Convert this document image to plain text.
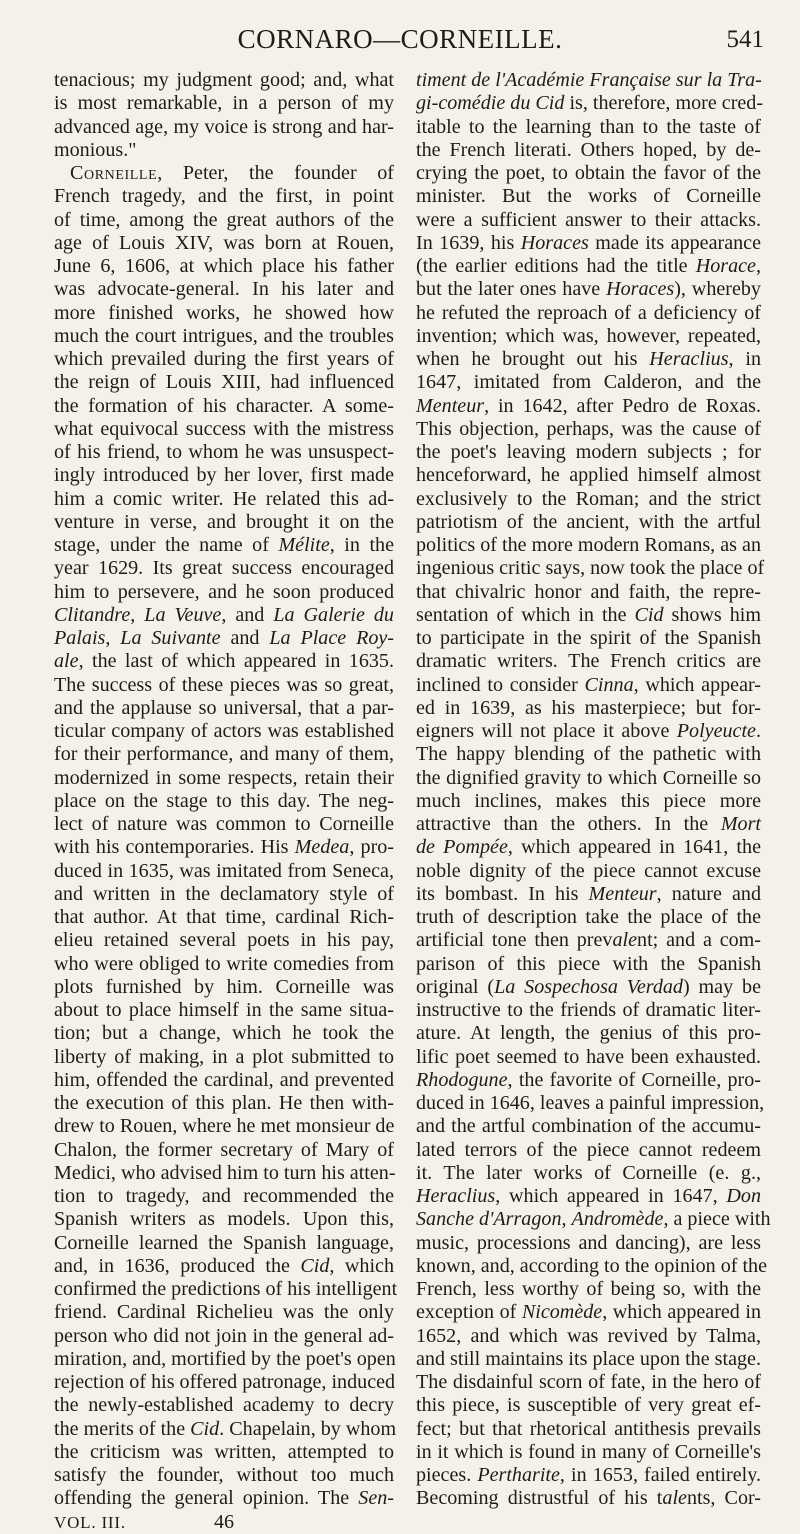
CORNARO—CORNEILLE.	541
tenacious; my judgment good; and, what
is most remarkable, in a person of my
advanced age, my voice is strong and har-
monious."
Corneille, Peter, the founder of
French tragedy, and the first, in point
of time, among the great authors of the
age of Louis XIV, was born at Rouen,
June 6, 1606, at which place his father
was advocate-general. In his later and
more finished works, he showed how
much the court intrigues, and the troubles
which prevailed during the first years of
the reign of Louis XIII, had influenced
the formation of his character. A some-
what equivocal success with the mistress
of his friend, to whom he was unsuspect-
ingly introduced by her lover, first made
him a comic writer. He related this ad-
venture in verse, and brought it on the
stage, under the name of Mélite, in the
year 1629. Its great success encouraged
him to persevere, and he soon produced
Clitandre, La Veuve, and La Galerie du
Palais, La Suivante and La Place Roy-
ale, the last of which appeared in 1635.
The success of these pieces was so great,
and the applause so universal, that a par-
ticular company of actors was established
for their performance, and many of them,
modernized in some respects, retain their
place on the stage to this day. The neg-
lect of nature was common to Corneille
with his contemporaries. His Medea, pro-
duced in 1635, was imitated from Seneca,
and written in the declamatory style of
that author. At that time, cardinal Rich-
elieu retained several poets in his pay,
who were obliged to write comedies from
plots furnished by him. Corneille was
about to place himself in the same situa-
tion; but a change, which he took the
liberty of making, in a plot submitted to
him, offended the cardinal, and prevented
the execution of this plan. He then with-
drew to Rouen, where he met monsieur de
Chalon, the former secretary of Mary of
Medici, who advised him to turn his atten-
tion to tragedy, and recommended the
Spanish writers as models. Upon this,
Corneille learned the Spanish language,
and, in 1636, produced the Cid, which
confirmed the predictions of his intelligent
friend. Cardinal Richelieu was the only
person who did not join in the general ad-
miration, and, mortified by the poet's open
rejection of his offered patronage, induced
the newly-established academy to decry
the merits of the Cid. Chapelain, by whom
the criticism was written, attempted to
satisfy the founder, without too much
offending the general opinion. The Sen-
VOL. III.	46
timent de l'Académie Française sur la Tra-
gi-comédie du Cid is, therefore, more cred-
itable to the learning than to the taste of
the French literati. Others hoped, by de-
crying the poet, to obtain the favor of the
minister. But the works of Corneille
were a sufficient answer to their attacks.
In 1639, his Horaces made its appearance
(the earlier editions had the title Horace,
but the later ones have Horaces), whereby
he refuted the reproach of a deficiency of
invention; which was, however, repeated,
when he brought out his Heraclius, in
1647, imitated from Calderon, and the
Menteur, in 1642, after Pedro de Roxas.
This objection, perhaps, was the cause of
the poet's leaving modern subjects ; for
henceforward, he applied himself almost
exclusively to the Roman; and the strict
patriotism of the ancient, with the artful
politics of the more modern Romans, as an
ingenious critic says, now took the place of
that chivalric honor and faith, the repre-
sentation of which in the Cid shows him
to participate in the spirit of the Spanish
dramatic writers. The French critics are
inclined to consider Cinna, which appear-
ed in 1639, as his masterpiece; but for-
eigners will not place it above Polyeucte.
The happy blending of the pathetic with
the dignified gravity to which Corneille so
much inclines, makes this piece more
attractive than the others. In the Mort
de Pompée, which appeared in 1641, the
noble dignity of the piece cannot excuse
its bombast. In his Menteur, nature and
truth of description take the place of the
artificial tone then prevalent; and a com-
parison of this piece with the Spanish
original (La Sospechosa Verdad) may be
instructive to the friends of dramatic liter-
ature. At length, the genius of this pro-
lific poet seemed to have been exhausted.
Rhodogune, the favorite of Corneille, pro-
duced in 1646, leaves a painful impression,
and the artful combination of the accumu-
lated terrors of the piece cannot redeem
it. The later works of Corneille (e. g.,
Heraclius, which appeared in 1647, Don
Sanche d'Arragon, Andromède, a piece with
music, processions and dancing), are less
known, and, according to the opinion of the
French, less worthy of being so, with the
exception of Nicomède, which appeared in
1652, and which was revived by Talma,
and still maintains its place upon the stage.
The disdainful scorn of fate, in the hero of
this piece, is susceptible of very great ef-
fect; but that rhetorical antithesis prevails
in it which is found in many of Corneille's
pieces. Pertharite, in 1653, failed entirely.
Becoming distrustful of his talents, Cor-
